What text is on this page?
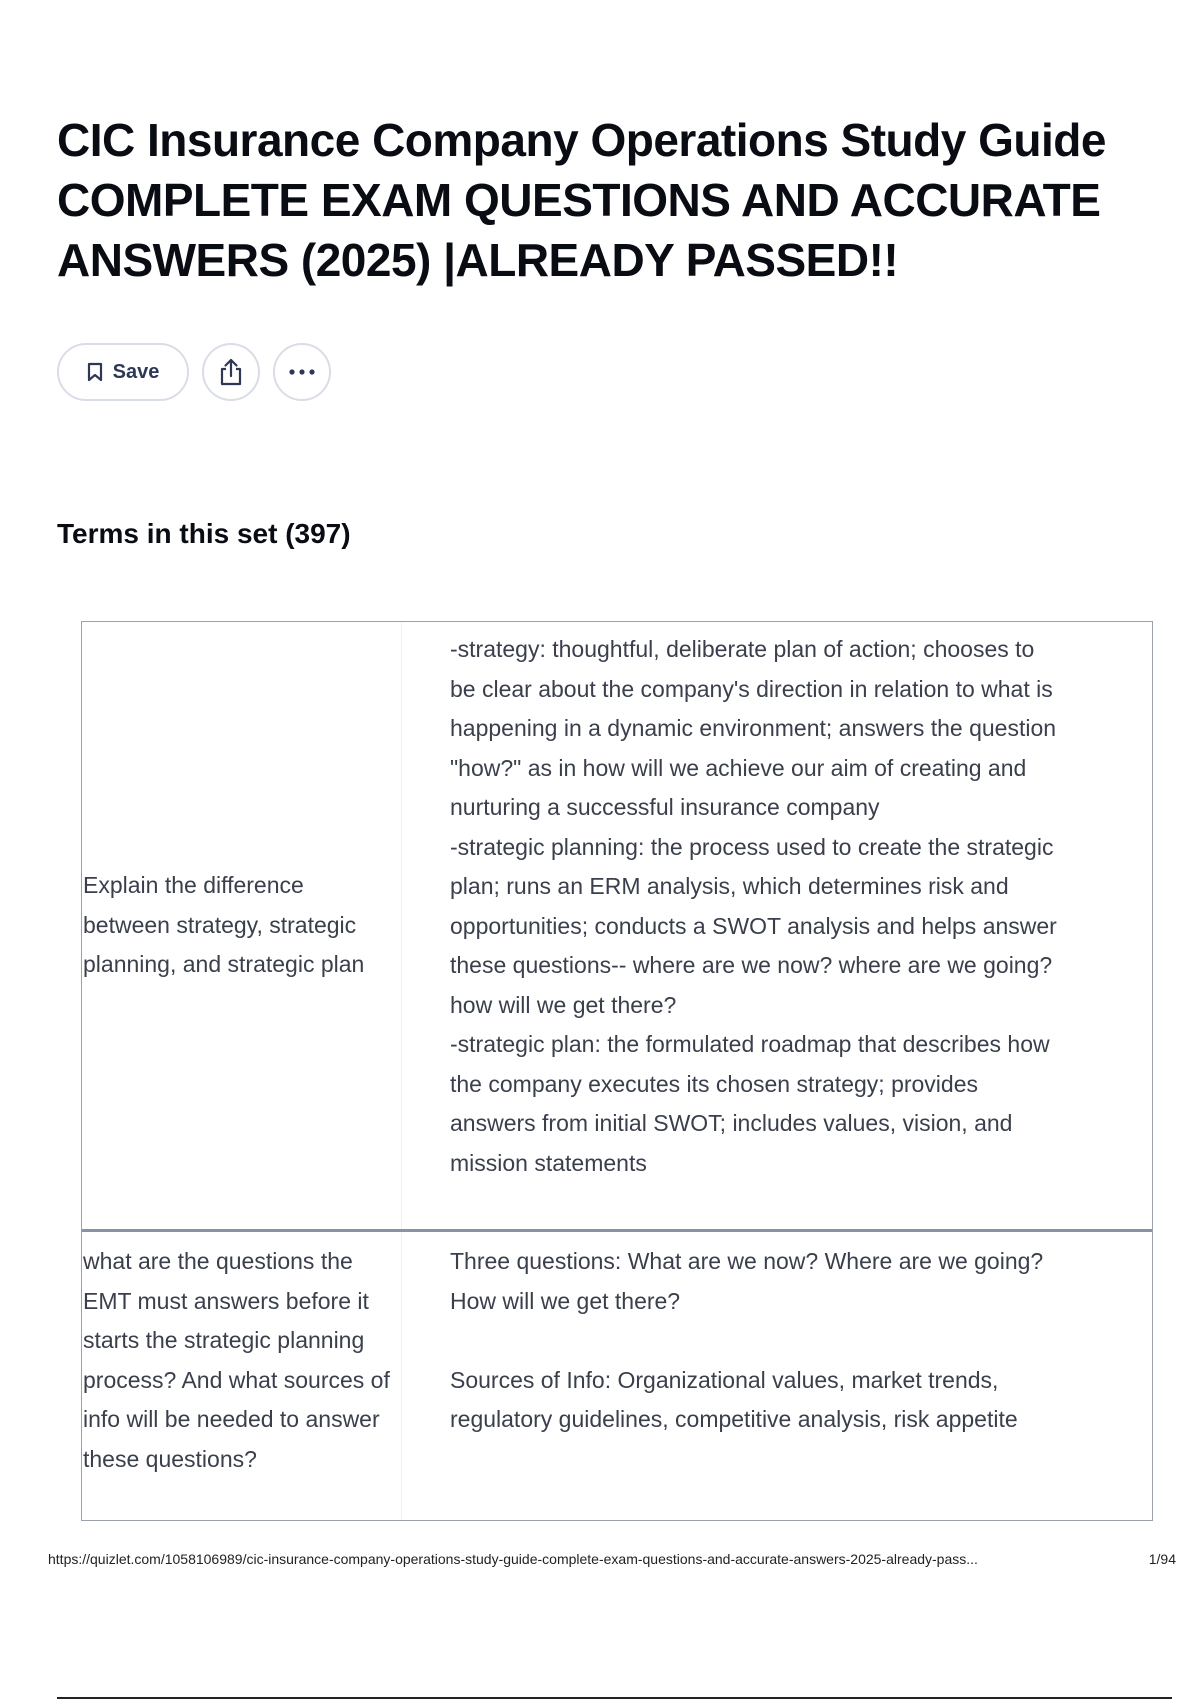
CIC Insurance Company Operations Study Guide COMPLETE EXAM QUESTIONS AND ACCURATE ANSWERS (2025) |ALREADY PASSED!!
Save
Terms in this set (397)
Explain the difference between strategy, strategic planning, and strategic plan
-strategy: thoughtful, deliberate plan of action; chooses to be clear about the company's direction in relation to what is happening in a dynamic environment; answers the question "how?" as in how will we achieve our aim of creating and nurturing a successful insurance company
-strategic planning: the process used to create the strategic plan; runs an ERM analysis, which determines risk and opportunities; conducts a SWOT analysis and helps answer these questions-- where are we now? where are we going? how will we get there?
-strategic plan: the formulated roadmap that describes how the company executes its chosen strategy; provides answers from initial SWOT; includes values, vision, and mission statements
what are the questions the EMT must answers before it starts the strategic planning process? And what sources of info will be needed to answer these questions?
Three questions: What are we now? Where are we going? How will we get there?

Sources of Info: Organizational values, market trends, regulatory guidelines, competitive analysis, risk appetite
https://quizlet.com/1058106989/cic-insurance-company-operations-study-guide-complete-exam-questions-and-accurate-answers-2025-already-pass...	1/94
